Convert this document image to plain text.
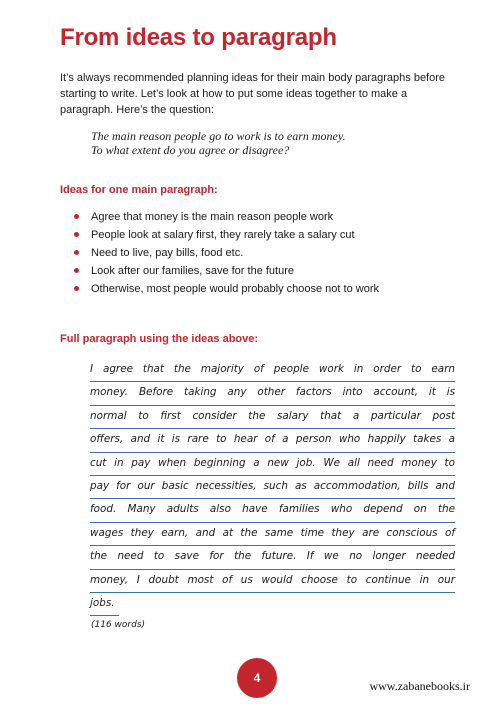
From ideas to paragraph
It’s always recommended planning ideas for their main body paragraphs before starting to write. Let’s look at how to put some ideas together to make a paragraph. Here’s the question:
The main reason people go to work is to earn money.
To what extent do you agree or disagree?
Ideas for one main paragraph:
Agree that money is the main reason people work
People look at salary first, they rarely take a salary cut
Need to live, pay bills, food etc.
Look after our families, save for the future
Otherwise, most people would probably choose not to work
Full paragraph using the ideas above:
I agree that the majority of people work in order to earn
money. Before taking any other factors into account, it is
normal to first consider the salary that a particular post
offers, and it is rare to hear of a person who happily takes a
cut in pay when beginning a new job. We all need money to
pay for our basic necessities, such as accommodation, bills and
food. Many adults also have families who depend on the
wages they earn, and at the same time they are conscious of
the need to save for the future. If we no longer needed
money, I doubt most of us would choose to continue in our
jobs.
(116 words)
4
www.zabanebooks.ir
